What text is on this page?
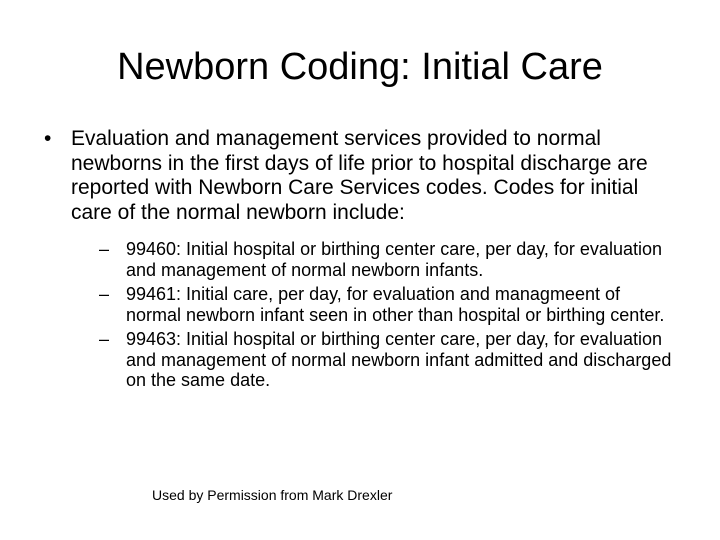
Newborn Coding: Initial Care
• Evaluation and management services provided to normal newborns in the first days of life prior to hospital discharge are reported with Newborn Care Services codes. Codes for initial care of the normal newborn include:
– 99460: Initial hospital or birthing center care, per day, for evaluation and management of normal newborn infants.
– 99461: Initial care, per day, for evaluation and managmeent of normal newborn infant seen in other than hospital or birthing center.
– 99463: Initial hospital or birthing center care, per day, for evaluation and management of normal newborn infant admitted and discharged on the same date.
Used by Permission from Mark Drexler
